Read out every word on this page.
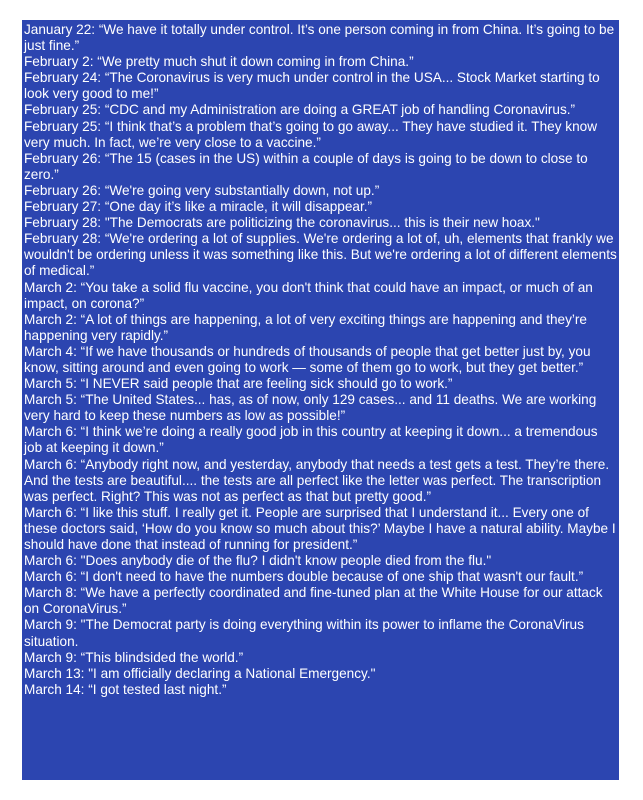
January 22: “We have it totally under control. It’s one person coming in from China. It’s going to be just fine.”

February 2: “We pretty much shut it down coming in from China.”

February 24: “The Coronavirus is very much under control in the USA... Stock Market starting to look very good to me!”

February 25: “CDC and my Administration are doing a GREAT job of handling Coronavirus.”

February 25: “I think that’s a problem that’s going to go away... They have studied it. They know very much. In fact, we’re very close to a vaccine.”

February 26: “The 15 (cases in the US) within a couple of days is going to be down to close to zero.”

February 26: “We're going very substantially down, not up.”

February 27: “One day it’s like a miracle, it will disappear.”

February 28: "The Democrats are politicizing the coronavirus... this is their new hoax."

February 28: “We're ordering a lot of supplies. We're ordering a lot of, uh, elements that frankly we wouldn't be ordering unless it was something like this. But we're ordering a lot of different elements of medical.”

March 2: “You take a solid flu vaccine, you don't think that could have an impact, or much of an impact, on corona?”

March 2: “A lot of things are happening, a lot of very exciting things are happening and they’re happening very rapidly.”

March 4: “If we have thousands or hundreds of thousands of people that get better just by, you know, sitting around and even going to work — some of them go to work, but they get better.”

March 5: “I NEVER said people that are feeling sick should go to work.”

March 5: “The United States... has, as of now, only 129 cases... and 11 deaths. We are working very hard to keep these numbers as low as possible!”

March 6: “I think we’re doing a really good job in this country at keeping it down... a tremendous job at keeping it down.”

March 6: “Anybody right now, and yesterday, anybody that needs a test gets a test. They’re there. And the tests are beautiful.... the tests are all perfect like the letter was perfect. The transcription was perfect. Right? This was not as perfect as that but pretty good.”

March 6: “I like this stuff. I really get it. People are surprised that I understand it... Every one of these doctors said, ‘How do you know so much about this?’ Maybe I have a natural ability. Maybe I should have done that instead of running for president.”

March 6: "Does anybody die of the flu? I didn't know people died from the flu."

March 6: “I don't need to have the numbers double because of one ship that wasn't our fault.”

March 8: “We have a perfectly coordinated and fine-tuned plan at the White House for our attack on CoronaVirus.”

March 9: "The Democrat party is doing everything within its power to inflame the CoronaVirus situation.

March 9: “This blindsided the world.”

March 13: "I am officially declaring a National Emergency."

March 14: “I got tested last night.”
